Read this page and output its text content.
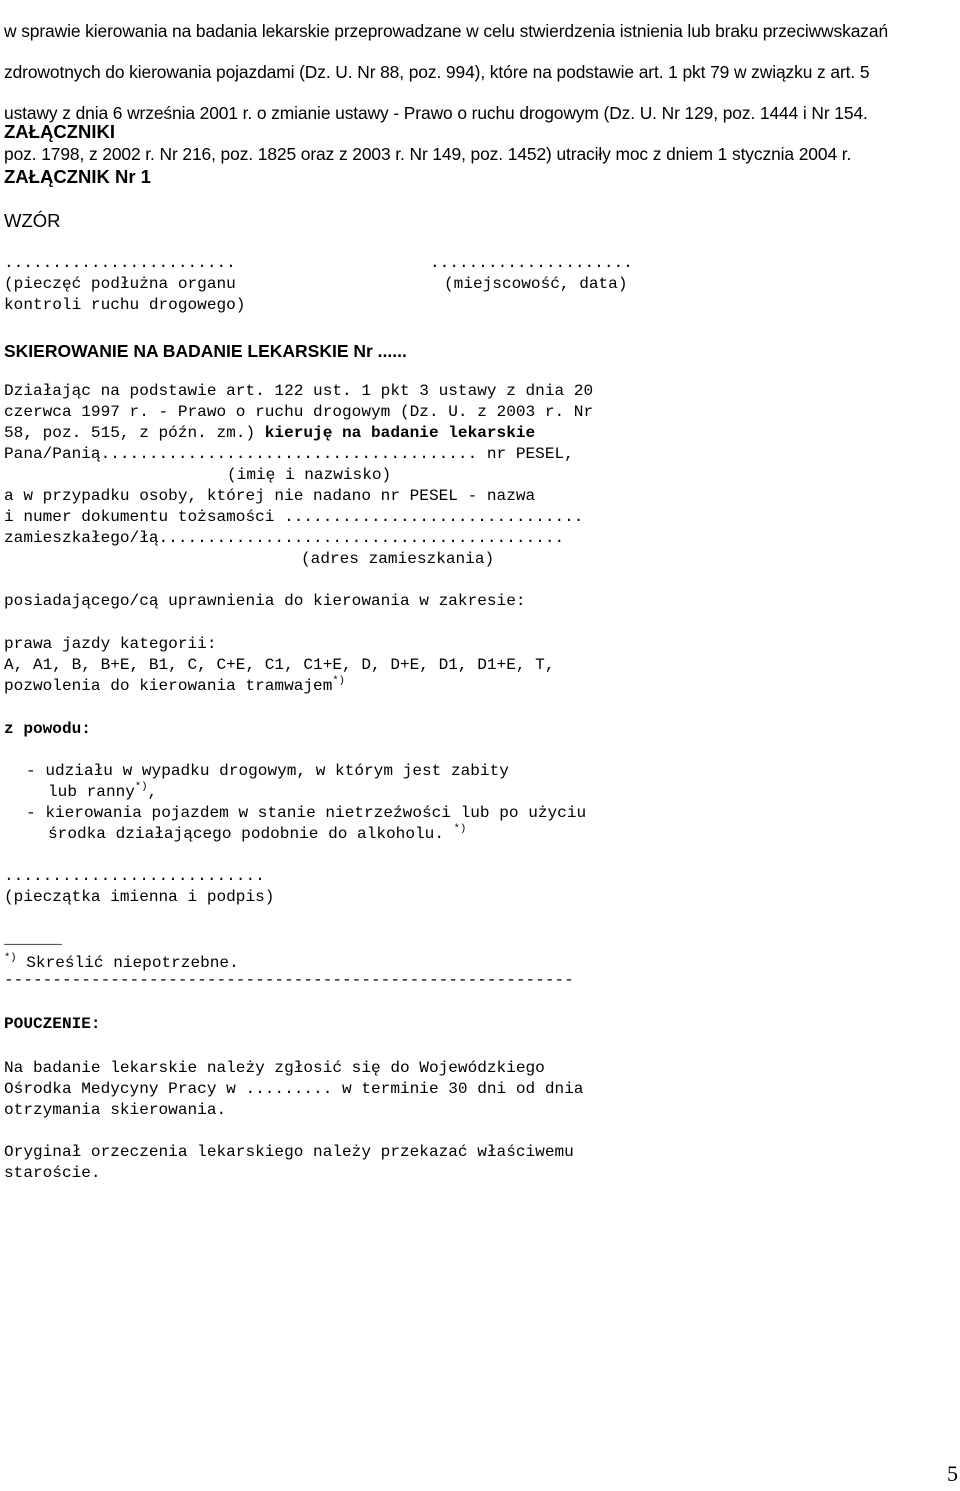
w sprawie kierowania na badania lekarskie przeprowadzane w celu stwierdzenia istnienia lub braku przeciwwskazań

zdrowotnych do kierowania pojazdami (Dz. U. Nr 88, poz. 994), które na podstawie art. 1 pkt 79 w związku z art. 5

ustawy z dnia 6 września 2001 r. o zmianie ustawy - Prawo o ruchu drogowym (Dz. U. Nr 129, poz. 1444 i Nr 154.

poz. 1798, z 2002 r. Nr 216, poz. 1825 oraz z 2003 r. Nr 149, poz. 1452) utraciły moc z dniem 1 stycznia 2004 r.

ZAŁĄCZNIKI
ZAŁĄCZNIK Nr 1
WZÓR
........................	.....................
(pieczęć podłużna organu	(miejscowość, data)
kontroli ruchu drogowego)
SKIEROWANIE NA BADANIE LEKARSKIE Nr ......
Działając na podstawie art. 122 ust. 1 pkt 3 ustawy z dnia 20
czerwca 1997 r. - Prawo o ruchu drogowym (Dz. U. z 2003 r. Nr
58, poz. 515, z późn. zm.) kieruję na badanie lekarskie
Pana/Panią....................................... nr PESEL,
(imię i nazwisko)
a w przypadku osoby, której nie nadano nr PESEL - nazwa
i numer dokumentu tożsamości ...............................
zamieszkałego/łą..........................................
(adres zamieszkania)
posiadającego/cą uprawnienia do kierowania w zakresie:
prawa jazdy kategorii:
A, A1, B, B+E, B1, C, C+E, C1, C1+E, D, D+E, D1, D1+E, T,
pozwolenia do kierowania tramwajem*)
z powodu:
- udziału w wypadku drogowym, w którym jest zabity
lub ranny*),
- kierowania pojazdem w stanie nietrzeźwości lub po użyciu
środka działającego podobnie do alkoholu. *)
...........................
(pieczątka imienna i podpis)
______
*) Skreślić niepotrzebne.
-----------------------------------------------------------
POUCZENIE:
Na badanie lekarskie należy zgłosić się do Wojewódzkiego
Ośrodka Medycyny Pracy w ......... w terminie 30 dni od dnia
otrzymania skierowania.
Oryginał orzeczenia lekarskiego należy przekazać właściwemu
staroście.
5
